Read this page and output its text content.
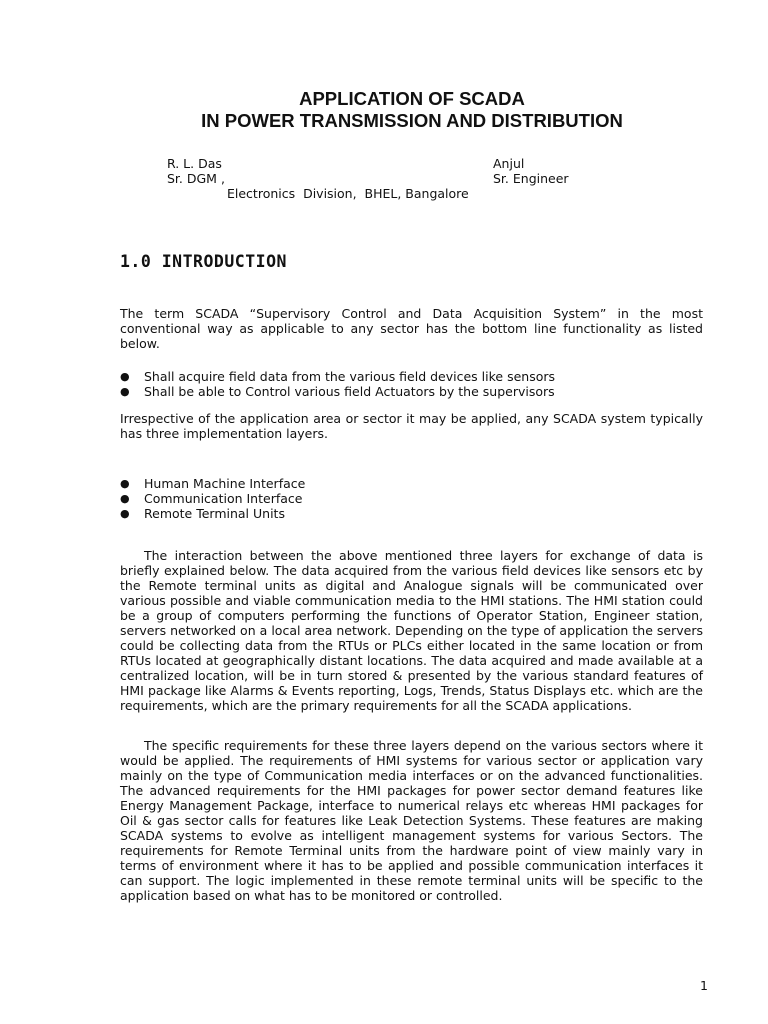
APPLICATION OF SCADA
IN POWER TRANSMISSION AND DISTRIBUTION
R. L. Das
Sr. DGM ,
Anjul
Sr. Engineer
Electronics  Division,  BHEL, Bangalore
1.0 INTRODUCTION

The term SCADA “Supervisory Control and Data Acquisition System” in the most conventional way as applicable to any sector has the bottom line functionality as listed below.

● Shall acquire field data from the various field devices like sensors
● Shall be able to Control various field Actuators by the supervisors

Irrespective of the application area or sector it may be applied, any SCADA system typically has three implementation layers.

● Human Machine Interface
● Communication Interface
● Remote Terminal Units

The interaction between the above mentioned three layers for exchange of data is briefly explained below. The data acquired from the various field devices like sensors etc by the Remote terminal units as digital and Analogue signals will be communicated over various possible and viable communication media to the HMI stations. The HMI station could be a group of computers performing the functions of Operator Station, Engineer station, servers networked on a local area network. Depending on the type of application the servers could be collecting data from the RTUs or PLCs either located in the same location or from RTUs located at geographically distant locations. The data acquired and made available at a centralized location, will be in turn stored & presented by the various standard features of HMI package like Alarms & Events reporting, Logs, Trends, Status Displays etc. which are the requirements, which are the primary requirements for all the SCADA applications.

The specific requirements for these three layers depend on the various sectors where it would be applied. The requirements of HMI systems for various sector or application vary mainly on the type of Communication media interfaces or on the advanced functionalities. The advanced requirements for the HMI packages for power sector demand features like Energy Management Package, interface to numerical relays etc whereas HMI packages for Oil & gas sector calls for features like Leak Detection Systems. These features are making SCADA systems to evolve as intelligent management systems for various Sectors. The requirements for Remote Terminal units from the hardware point of view mainly vary in terms of environment where it has to be applied and possible communication interfaces it can support. The logic implemented in these remote terminal units will be specific to the application based on what has to be monitored or controlled.

1
